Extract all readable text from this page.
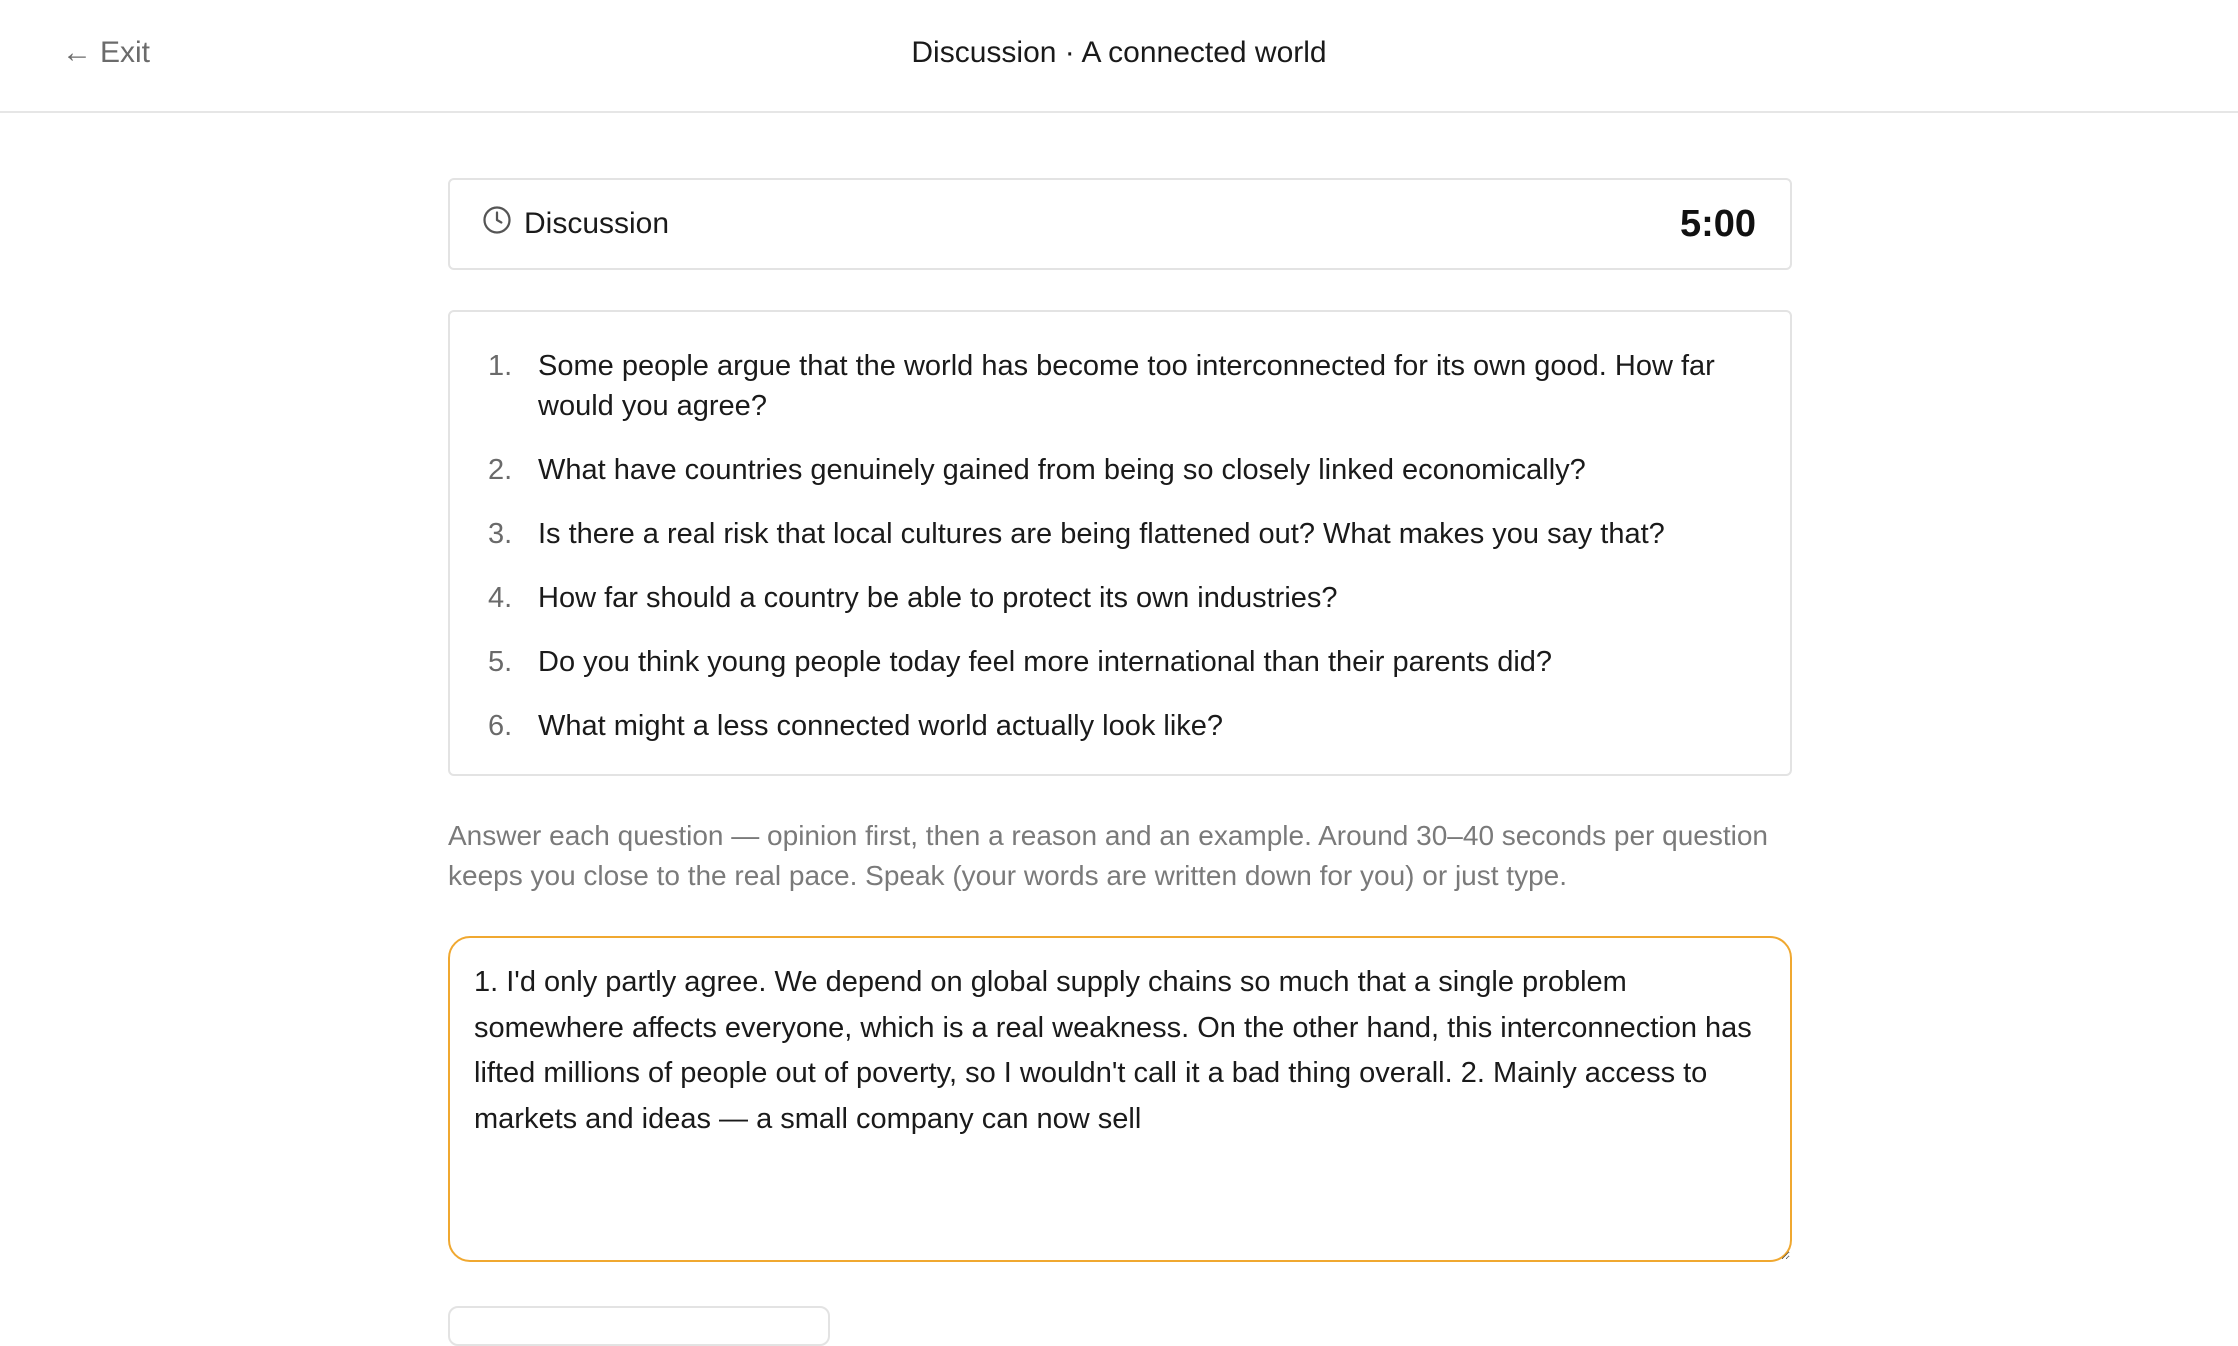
← Exit	Discussion · A connected world
Discussion	5:00
1. Some people argue that the world has become too interconnected for its own good. How far would you agree?
2. What have countries genuinely gained from being so closely linked economically?
3. Is there a real risk that local cultures are being flattened out? What makes you say that?
4. How far should a country be able to protect its own industries?
5. Do you think young people today feel more international than their parents did?
6. What might a less connected world actually look like?
Answer each question — opinion first, then a reason and an example. Around 30–40 seconds per question keeps you close to the real pace. Speak (your words are written down for you) or just type.
1. I'd only partly agree. We depend on global supply chains so much that a single problem somewhere affects everyone, which is a real weakness. On the other hand, this interconnection has lifted millions of people out of poverty, so I wouldn't call it a bad thing overall. 2. Mainly access to markets and ideas — a small company can now sell
